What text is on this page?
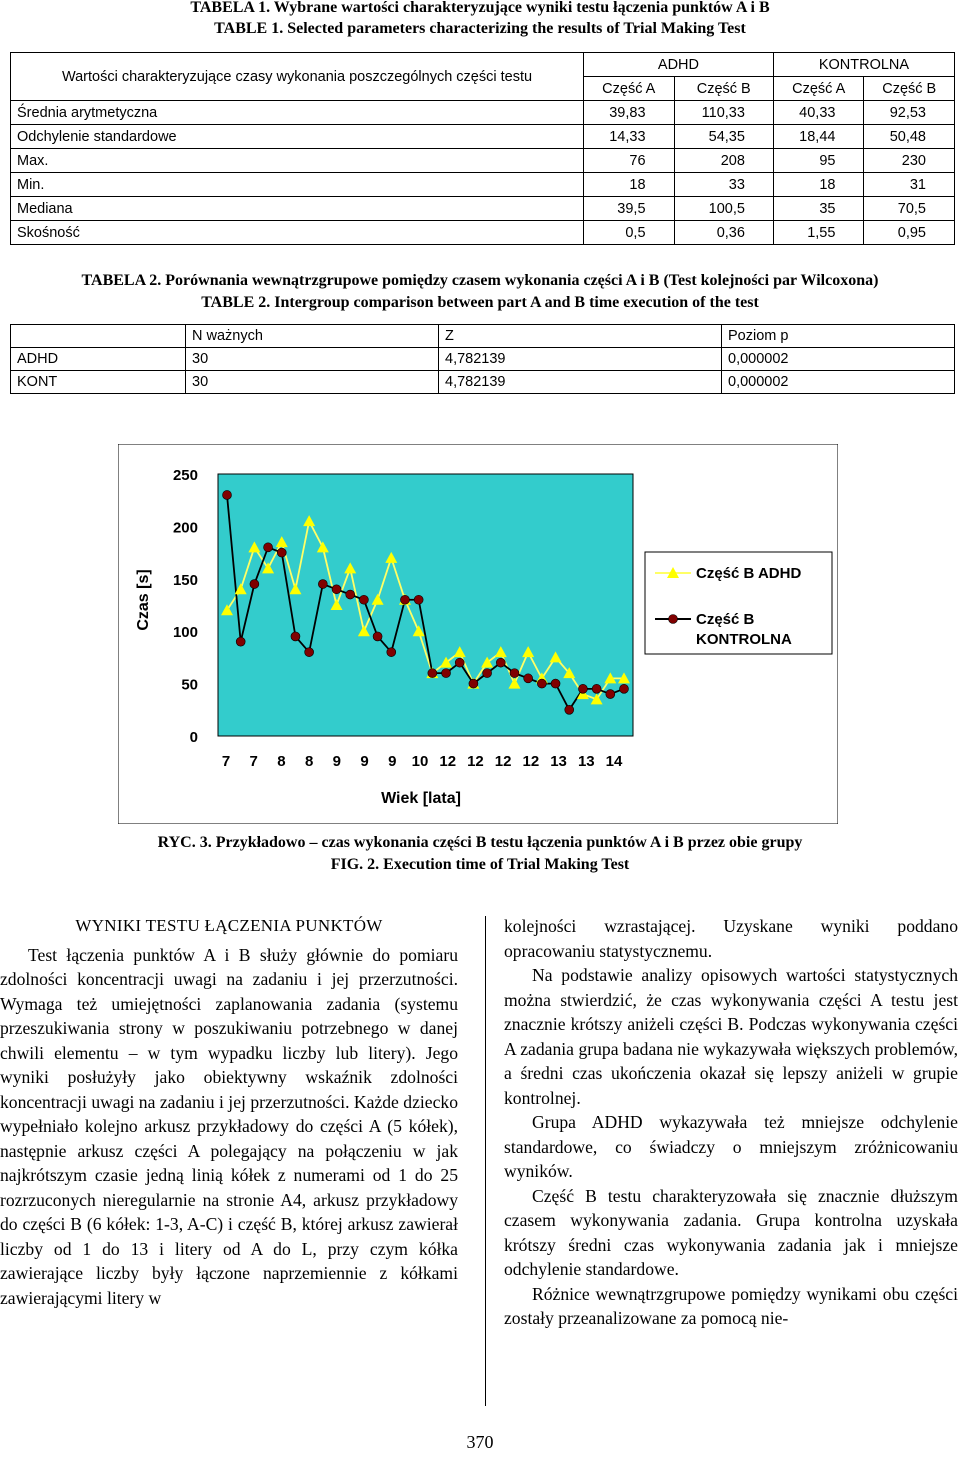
TABELA 1. Wybrane wartości charakteryzujące wyniki testu łączenia punktów A i B
TABLE 1. Selected parameters characterizing the results of Trial Making Test
Wartości charakteryzujące czasy wykonania poszczególnych części testu	ADHD		KONTROLNA	
	Część A	Część B	Część A	Część B
Średnia arytmetyczna	39,83	110,33	40,33	92,53
Odchylenie standardowe	14,33	54,35	18,44	50,48
Max.	76	208	95	230
Min.	18	33	18	31
Mediana	39,5	100,5	35	70,5
Skośność	0,5	0,36	1,55	0,95
TABELA 2. Porównania wewnątrzgrupowe pomiędzy czasem wykonania części A i B (Test kolejności par Wilcoxona)
TABLE 2. Intergroup comparison between part A and B time execution of the test
	N ważnych	Z	Poziom p
ADHD	30	4,782139	0,000002
KONT	30	4,782139	0,000002
0
50
100
150
200
250
7 7 8 8 9 9 9 10 12 12 12 12 13 13 14
Czas [s]
Wiek [lata]
Część B ADHD
Część B KONTROLNA
RYC. 3. Przykładowo – czas wykonania części B testu łączenia punktów A i B przez obie grupy
FIG. 2. Execution time of Trial Making Test

WYNIKI TESTU ŁĄCZENIA PUNKTÓW

Test łączenia punktów A i B służy głównie do pomiaru zdolności koncentracji uwagi na zadaniu i jej przerzutności. Wymaga też umiejętności zaplanowania zadania (systemu przeszukiwania strony w poszukiwaniu potrzebnego w danej chwili elementu – w tym wypadku liczby lub litery). Jego wyniki posłużyły jako obiektywny wskaźnik zdolności koncentracji uwagi na zadaniu i jej przerzutności. Każde dziecko wypełniało kolejno arkusz przykładowy do części A (5 kółek), następnie arkusz części A polegający na połączeniu w jak najkrótszym czasie jedną linią kółek z numerami od 1 do 25 rozrzuconych nieregularnie na stronie A4, arkusz przykładowy do części B (6 kółek: 1-3, A-C) i część B, której arkusz zawierał liczby od 1 do 13 i litery od A do L, przy czym kółka zawierające liczby były łączone naprzemiennie z kółkami zawierającymi litery w

kolejności wzrastającej. Uzyskane wyniki poddano opracowaniu statystycznemu.

Na podstawie analizy opisowych wartości statystycznych można stwierdzić, że czas wykonywania części A testu jest znacznie krótszy aniżeli części B. Podczas wykonywania części A zadania grupa badana nie wykazywała większych problemów, a średni czas ukończenia okazał się lepszy aniżeli w grupie kontrolnej.

Grupa ADHD wykazywała też mniejsze odchylenie standardowe, co świadczy o mniejszym zróżnicowaniu wyników.

Część B testu charakteryzowała się znacznie dłuższym czasem wykonywania zadania. Grupa kontrolna uzyskała krótszy średni czas wykonywania zadania jak i mniejsze odchylenie standardowe.

Różnice wewnątrzgrupowe pomiędzy wynikami obu części zostały przeanalizowane za pomocą nie-

370
